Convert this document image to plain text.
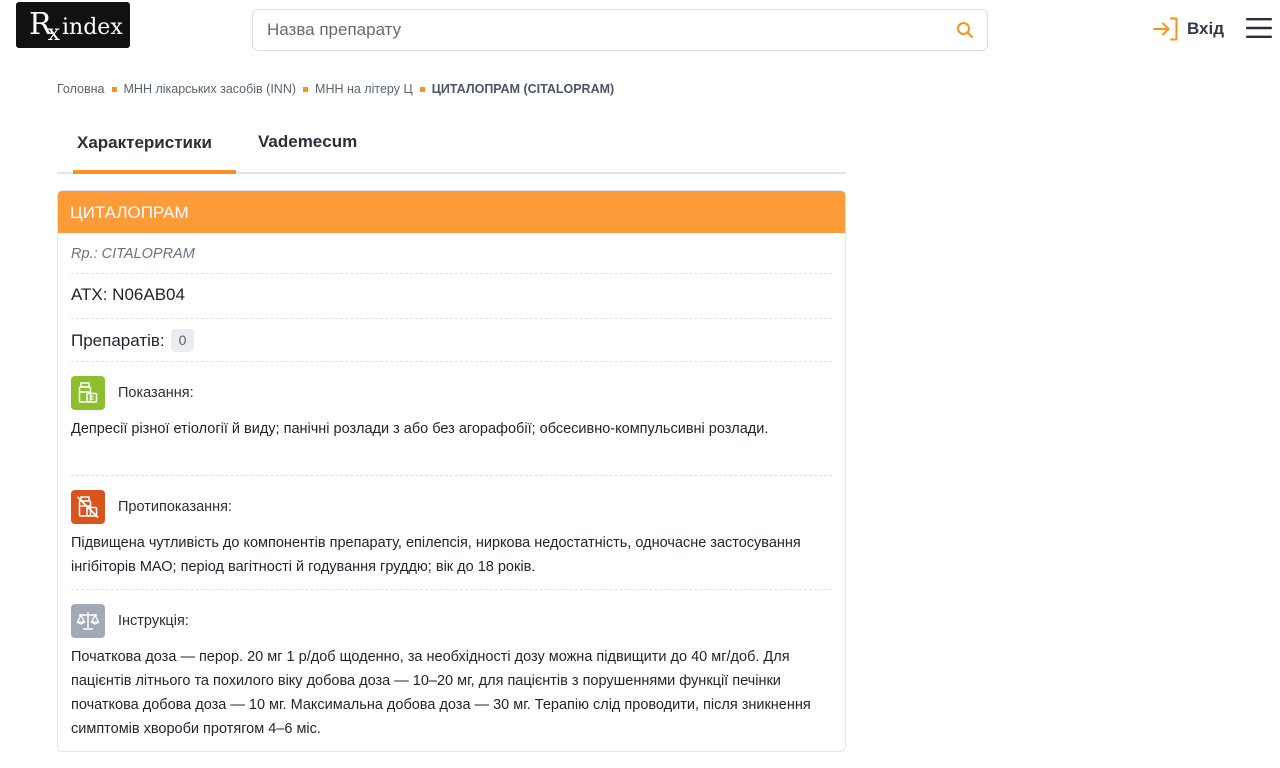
$R_x$ index
Назва препарату	Вхід
Головна МНН лікарських засобів (INN) МНН на літеру Ц ЦИТАЛОПРАМ (CITALOPRAM)
Характеристики	Vademecum
ЦИТАЛОПРАМ
Rp.: CITALOPRAM
АТХ: N06AB04
Препаратів:	0
Показання:
Депресії різної етіології й виду; панічні розлади з або без агорафобії; обсесивно-компульсивні розлади.
Протипоказання:
Підвищена чутливість до компонентів препарату, епілепсія, ниркова недостатність, одночасне застосування інгібіторів МАО; період вагітності й годування груддю; вік до 18 років.
Інструкція:
Початкова доза — перор. 20 мг 1 р/доб щоденно, за необхідності дозу можна підвищити до 40 мг/доб. Для пацієнтів літнього та похилого віку добова доза — 10–20 мг, для пацієнтів з порушеннями функції печінки початкова добова доза — 10 мг. Максимальна добова доза — 30 мг. Терапію слід проводити, після зникнення симптомів хвороби протягом 4–6 міс.
